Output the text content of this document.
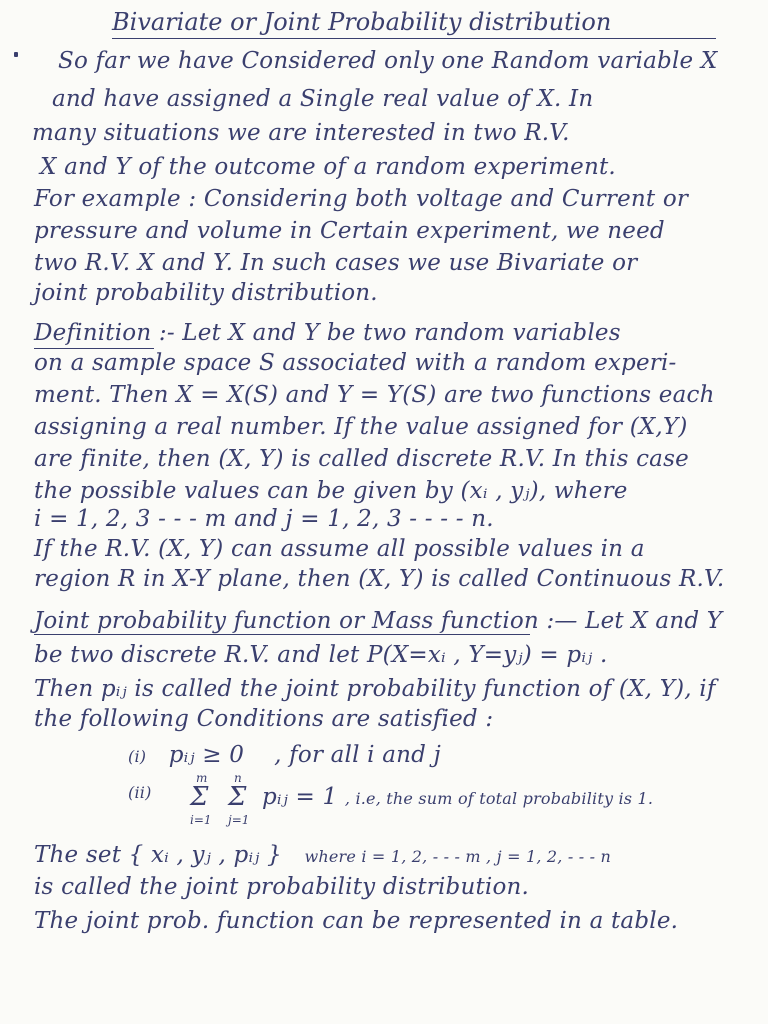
Bivariate or Joint Probability distribution
So far we have Considered only one Random variable X
and have assigned a Single real value of X. In
many situations we are interested in two R.V.
X and Y of the outcome of a random experiment.
For example : Considering both voltage and Current or
pressure and volume in Certain experiment, we need
two R.V. X and Y. In such cases we use Bivariate or
joint probability distribution.
Definition :- Let X and Y be two random variables
on a sample space S associated with a random experi-
ment. Then X = X(S) and Y = Y(S) are two functions each
assigning a real number. If the value assigned for (X,Y)
are finite, then (X, Y) is called discrete R.V. In this case
the possible values can be given by (xᵢ , yⱼ), where
i = 1, 2, 3 - - - m and j = 1, 2, 3 - - - - n.
If the R.V. (X, Y) can assume all possible values in a
region R in X-Y plane, then (X, Y) is called Continuous R.V.
Joint probability function or Mass function :— Let X and Y
be two discrete R.V. and let P(X=xᵢ , Y=yⱼ) = pᵢⱼ .
Then pᵢⱼ is called the joint probability function of (X, Y), if
the following Conditions are satisfied :
(i) pᵢⱼ ≥ 0 , for all i and j
(ii)
m
Σ
i=1
n
Σ
j=1
pᵢⱼ = 1 , i.e, the sum of total probability is 1.
The set { xᵢ , yⱼ , pᵢⱼ } where i = 1, 2, - - - m , j = 1, 2, - - - n
is called the joint probability distribution.
The joint prob. function can be represented in a table.
